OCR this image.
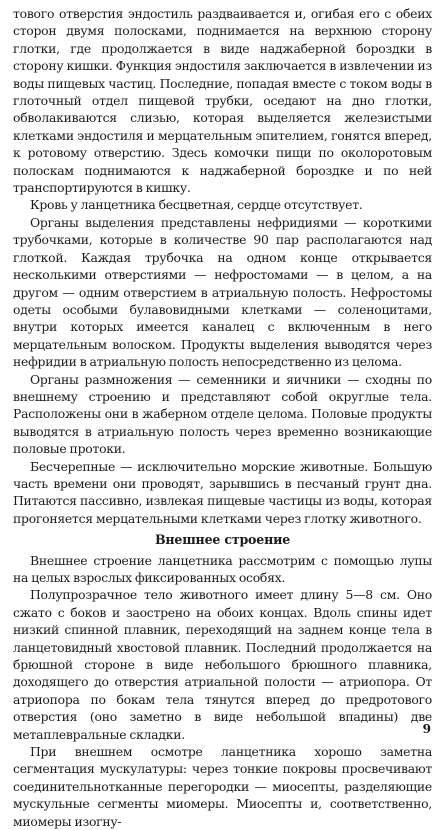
тового отверстия эндостиль раздваивается и, огибая его с обеих сторон двумя полосками, поднимается на верхнюю сторону глотки, где продолжается в виде наджаберной бороздки в сторону кишки. Функция эндостиля заключается в извлечении из воды пищевых частиц. Последние, попадая вместе с током воды в глоточный отдел пищевой трубки, оседают на дно глотки, обволакиваются слизью, которая выделяется железистыми клетками эндостиля и мерцательным эпителием, гонятся вперед, к ротовому отверстию. Здесь комочки пищи по околоротовым полоскам поднимаются к наджаберной бороздке и по ней транспортируются в кишку.

Кровь у ланцетника бесцветная, сердце отсутствует.

Органы выделения представлены нефридиями — короткими трубочками, которые в количестве 90 пар располагаются над глоткой. Каждая трубочка на одном конце открывается несколькими отверстиями — нефростомами — в целом, а на другом — одним отверстием в атриальную полость. Нефростомы одеты особыми булавовидными клетками — соленоцитами, внутри которых имеется каналец с включенным в него мерцательным волоском. Продукты выделения выводятся через нефридии в атриальную полость непосредственно из целома.

Органы размножения — семенники и яичники — сходны по внешнему строению и представляют собой округлые тела. Расположены они в жаберном отделе целома. Половые продукты выводятся в атриальную полость через временно возникающие половые протоки.

Бесчерепные — исключительно морские животные. Большую часть времени они проводят, зарывшись в песчаный грунт дна. Питаются пассивно, извлекая пищевые частицы из воды, которая прогоняется мерцательными клетками через глотку животного.

Внешнее строение

Внешнее строение ланцетника рассмотрим с помощью лупы на целых взрослых фиксированных особях.

Полупрозрачное тело животного имеет длину 5—8 см. Оно сжато с боков и заострено на обоих концах. Вдоль спины идет низкий спинной плавник, переходящий на заднем конце тела в ланцетовидный хвостовой плавник. Последний продолжается на брюшной стороне в виде небольшого брюшного плавника, доходящего до отверстия атриальной полости — атриопора. От атриопора по бокам тела тянутся вперед до предротового отверстия (оно заметно в виде небольшой впадины) две метаплевральные складки.

При внешнем осмотре ланцетника хорошо заметна сегментация мускулатуры: через тонкие покровы просвечивают соединительнотканные перегородки — миосепты, разделяющие мускульные сегменты миомеры. Миосепты и, соответственно, миомеры изогну-

9
